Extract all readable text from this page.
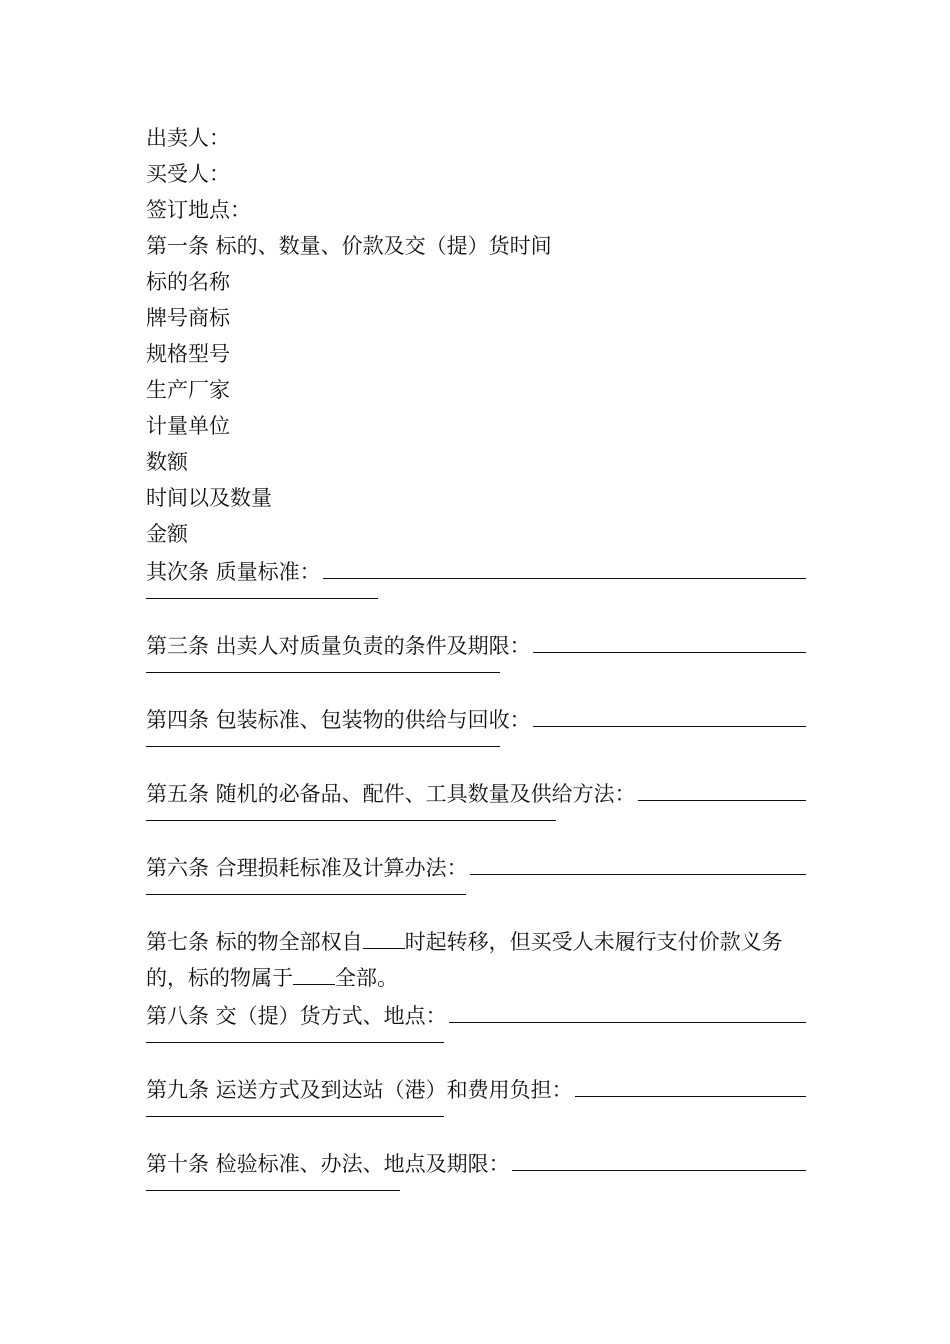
出卖人：
买受人：
签订地点：
第一条 标的、数量、价款及交（提）货时间
标的名称
牌号商标
规格型号
生产厂家
计量单位
数额
时间以及数量
金额
其次条 质量标准：
第三条 出卖人对质量负责的条件及期限：
第四条 包装标准、包装物的供给与回收：
第五条 随机的必备品、配件、工具数量及供给方法：
第六条 合理损耗标准及计算办法：
第七条 标的物全部权自 时起转移，但买受人未履行支付价款义务的，标的物属于 全部。
第八条 交（提）货方式、地点：
第九条 运送方式及到达站（港）和费用负担：
第十条 检验标准、办法、地点及期限：
